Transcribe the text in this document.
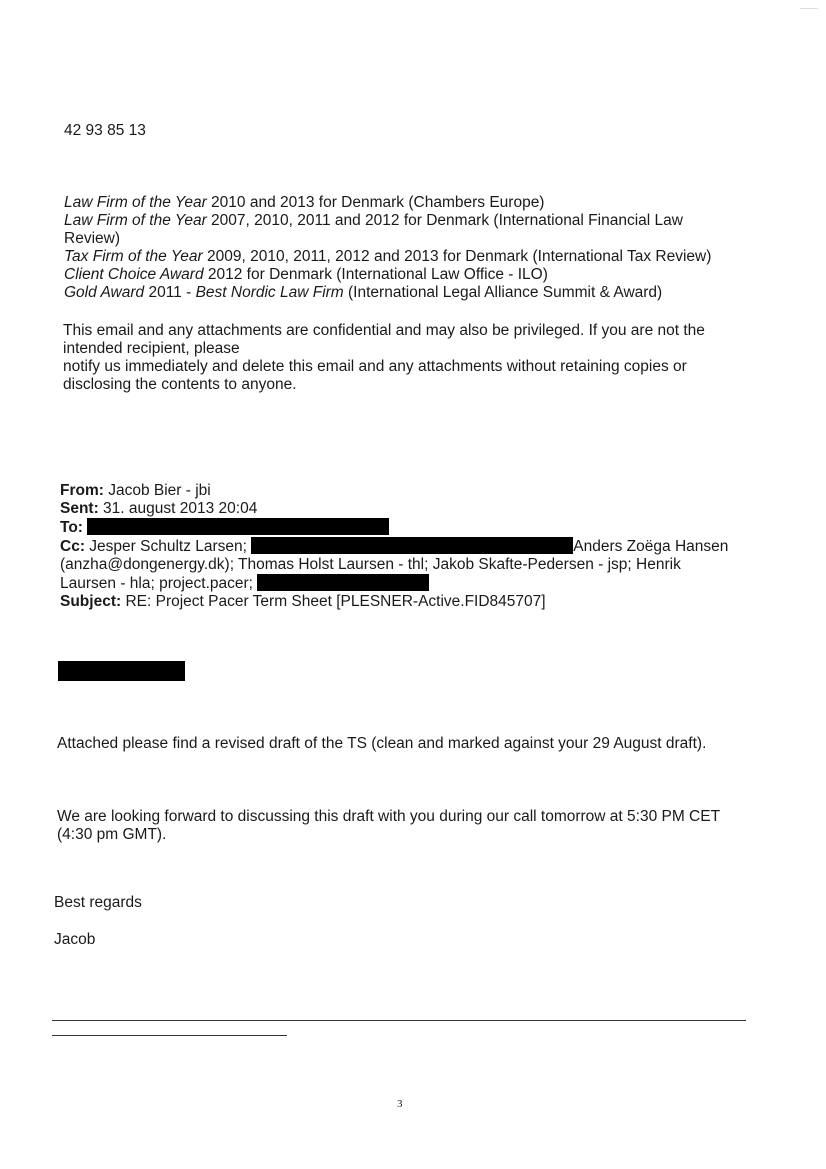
42 93 85 13
Law Firm of the Year 2010 and 2013 for Denmark (Chambers Europe)
Law Firm of the Year 2007, 2010, 2011 and 2012 for Denmark (International Financial Law
Review)
Tax Firm of the Year 2009, 2010, 2011, 2012 and 2013 for Denmark (International Tax Review)
Client Choice Award 2012 for Denmark (International Law Office - ILO)
Gold Award 2011 - Best Nordic Law Firm (International Legal Alliance Summit & Award)
This email and any attachments are confidential and may also be privileged. If you are not the
intended recipient, please
notify us immediately and delete this email and any attachments without retaining copies or
disclosing the contents to anyone.
From: Jacob Bier - jbi
Sent: 31. august 2013 20:04
To:
Cc: Jesper Schultz Larsen;	Anders Zoëga Hansen
(anzha@dongenergy.dk); Thomas Holst Laursen - thl; Jakob Skafte-Pedersen - jsp; Henrik
Laursen - hla; project.pacer;
Subject: RE: Project Pacer Term Sheet [PLESNER-Active.FID845707]
Attached please find a revised draft of the TS (clean and marked against your 29 August draft).
We are looking forward to discussing this draft with you during our call tomorrow at 5:30 PM CET
(4:30 pm GMT).
Best regards
Jacob
3
